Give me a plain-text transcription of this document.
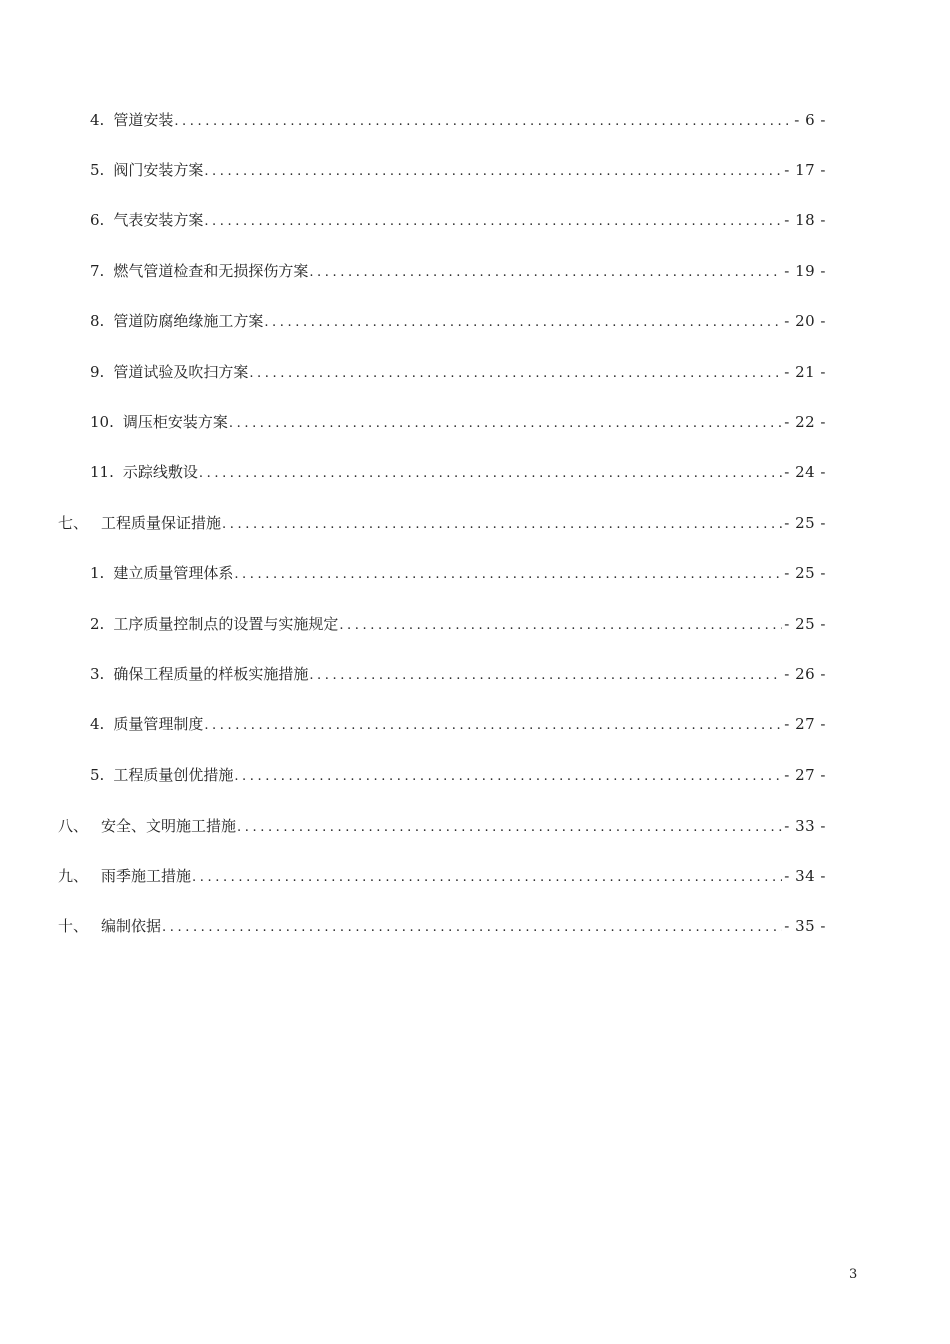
4. 管道安装 .....	- 6 -
5. 阀门安装方案 .....	- 17 -
6. 气表安装方案 .....	- 18 -
7. 燃气管道检查和无损探伤方案 .....	- 19 -
8. 管道防腐绝缘施工方案 .....	- 20 -
9. 管道试验及吹扫方案 .....	- 21 -
10. 调压柜安装方案 .....	- 22 -
11. 示踪线敷设 .....	- 24 -
七、 工程质量保证措施 .....	- 25 -
1. 建立质量管理体系 .....	- 25 -
2. 工序质量控制点的设置与实施规定 .....	- 25 -
3. 确保工程质量的样板实施措施 .....	- 26 -
4. 质量管理制度 .....	- 27 -
5. 工程质量创优措施 .....	- 27 -
八、 安全、文明施工措施 .....	- 33 -
九、 雨季施工措施 .....	- 34 -
十、 编制依据 .....	- 35 -
3
